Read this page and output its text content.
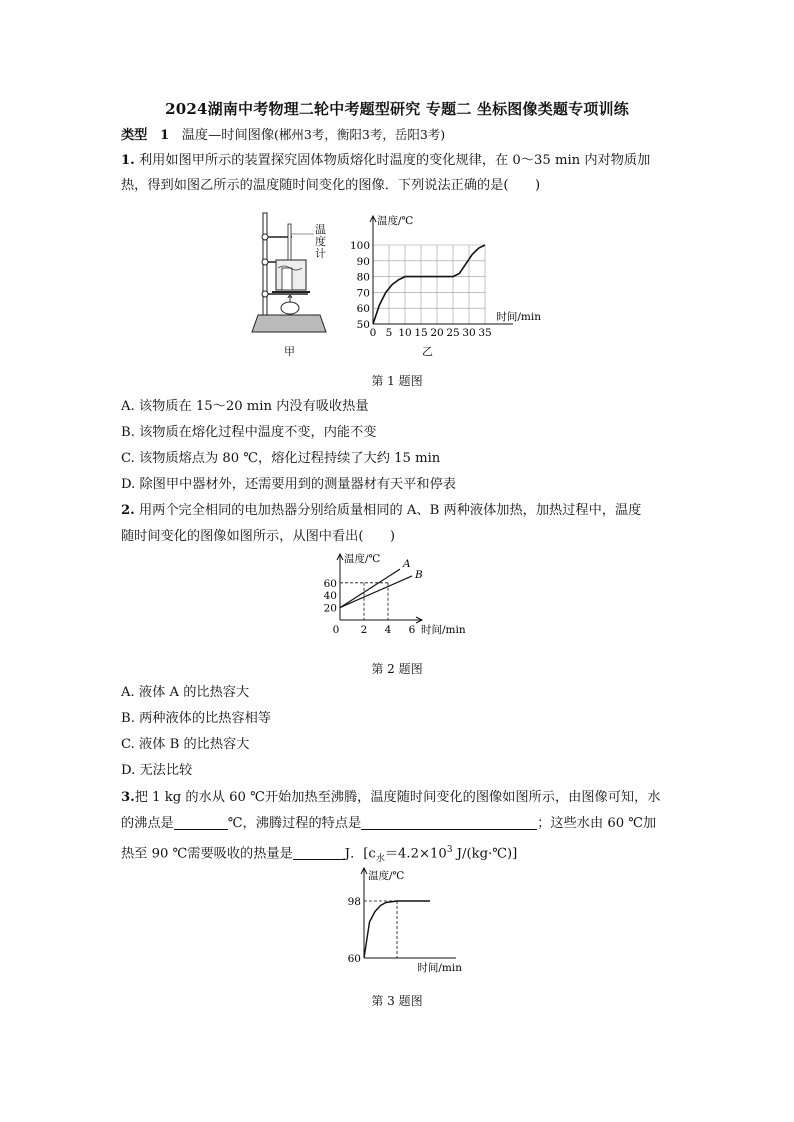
2024湖南中考物理二轮中考题型研究 专题二 坐标图像类题专项训练
类型 1 温度—时间图像(郴州3考，衡阳3考，岳阳3考)
1. 利用如图甲所示的装置探究固体物质熔化时温度的变化规律，在 0～35 min 内对物质加
热，得到如图乙所示的温度随时间变化的图像．下列说法正确的是(　　)
温
度
计
甲
0 5 10 15 20 25 30 35
50
60
70
80
90
100
温度/℃
时间/min
乙
第 1 题图
A. 该物质在 15～20 min 内没有吸收热量
B. 该物质在熔化过程中温度不变，内能不变
C. 该物质熔点为 80 ℃，熔化过程持续了大约 15 min
D. 除图甲中器材外，还需要用到的测量器材有天平和停表
2. 用两个完全相同的电加热器分别给质量相同的 A、B 两种液体加热，加热过程中，温度
随时间变化的图像如图所示，从图中看出(　　)
温度/℃
时间/min
0 2 4 6
20
40
60
A
B
第 2 题图
A. 液体 A 的比热容大
B. 两种液体的比热容相等
C. 液体 B 的比热容大
D. 无法比较
3.把 1 kg 的水从 60 ℃开始加热至沸腾，温度随时间变化的图像如图所示，由图像可知，水
的沸点是	℃，沸腾过程的特点是	；这些水由 60 ℃加
热至 90 ℃需要吸收的热量是	J．[$c_水=4.2\times 10^3$ J/(kg·℃)]
温度/℃
时间/min
60
98
第 3 题图
